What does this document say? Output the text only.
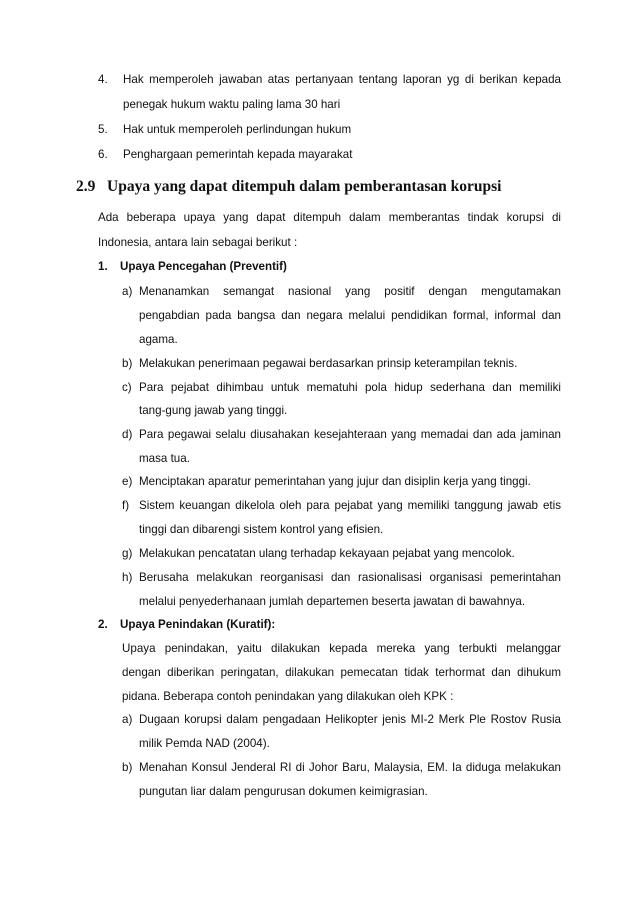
4. Hak memperoleh jawaban atas pertanyaan tentang laporan yg di berikan kepada
penegak hukum waktu paling lama 30 hari
5. Hak untuk memperoleh perlindungan hukum
6. Penghargaan pemerintah kepada mayarakat
2.9 Upaya yang dapat ditempuh dalam pemberantasan korupsi
Ada beberapa upaya yang dapat ditempuh dalam memberantas tindak korupsi di
Indonesia, antara lain sebagai berikut :
1. Upaya Pencegahan (Preventif)
a) Menanamkan semangat nasional yang positif dengan mengutamakan
pengabdian pada bangsa dan negara melalui pendidikan formal, informal dan
agama.
b) Melakukan penerimaan pegawai berdasarkan prinsip keterampilan teknis.
c) Para pejabat dihimbau untuk mematuhi pola hidup sederhana dan memiliki
tang-gung jawab yang tinggi.
d) Para pegawai selalu diusahakan kesejahteraan yang memadai dan ada jaminan
masa tua.
e) Menciptakan aparatur pemerintahan yang jujur dan disiplin kerja yang tinggi.
f) Sistem keuangan dikelola oleh para pejabat yang memiliki tanggung jawab etis
tinggi dan dibarengi sistem kontrol yang efisien.
g) Melakukan pencatatan ulang terhadap kekayaan pejabat yang mencolok.
h) Berusaha melakukan reorganisasi dan rasionalisasi organisasi pemerintahan
melalui penyederhanaan jumlah departemen beserta jawatan di bawahnya.
2. Upaya Penindakan (Kuratif):
Upaya penindakan, yaitu dilakukan kepada mereka yang terbukti melanggar
dengan diberikan peringatan, dilakukan pemecatan tidak terhormat dan dihukum
pidana. Beberapa contoh penindakan yang dilakukan oleh KPK :
a) Dugaan korupsi dalam pengadaan Helikopter jenis MI-2 Merk Ple Rostov Rusia
milik Pemda NAD (2004).
b) Menahan Konsul Jenderal RI di Johor Baru, Malaysia, EM. Ia diduga melakukan
pungutan liar dalam pengurusan dokumen keimigrasian.
